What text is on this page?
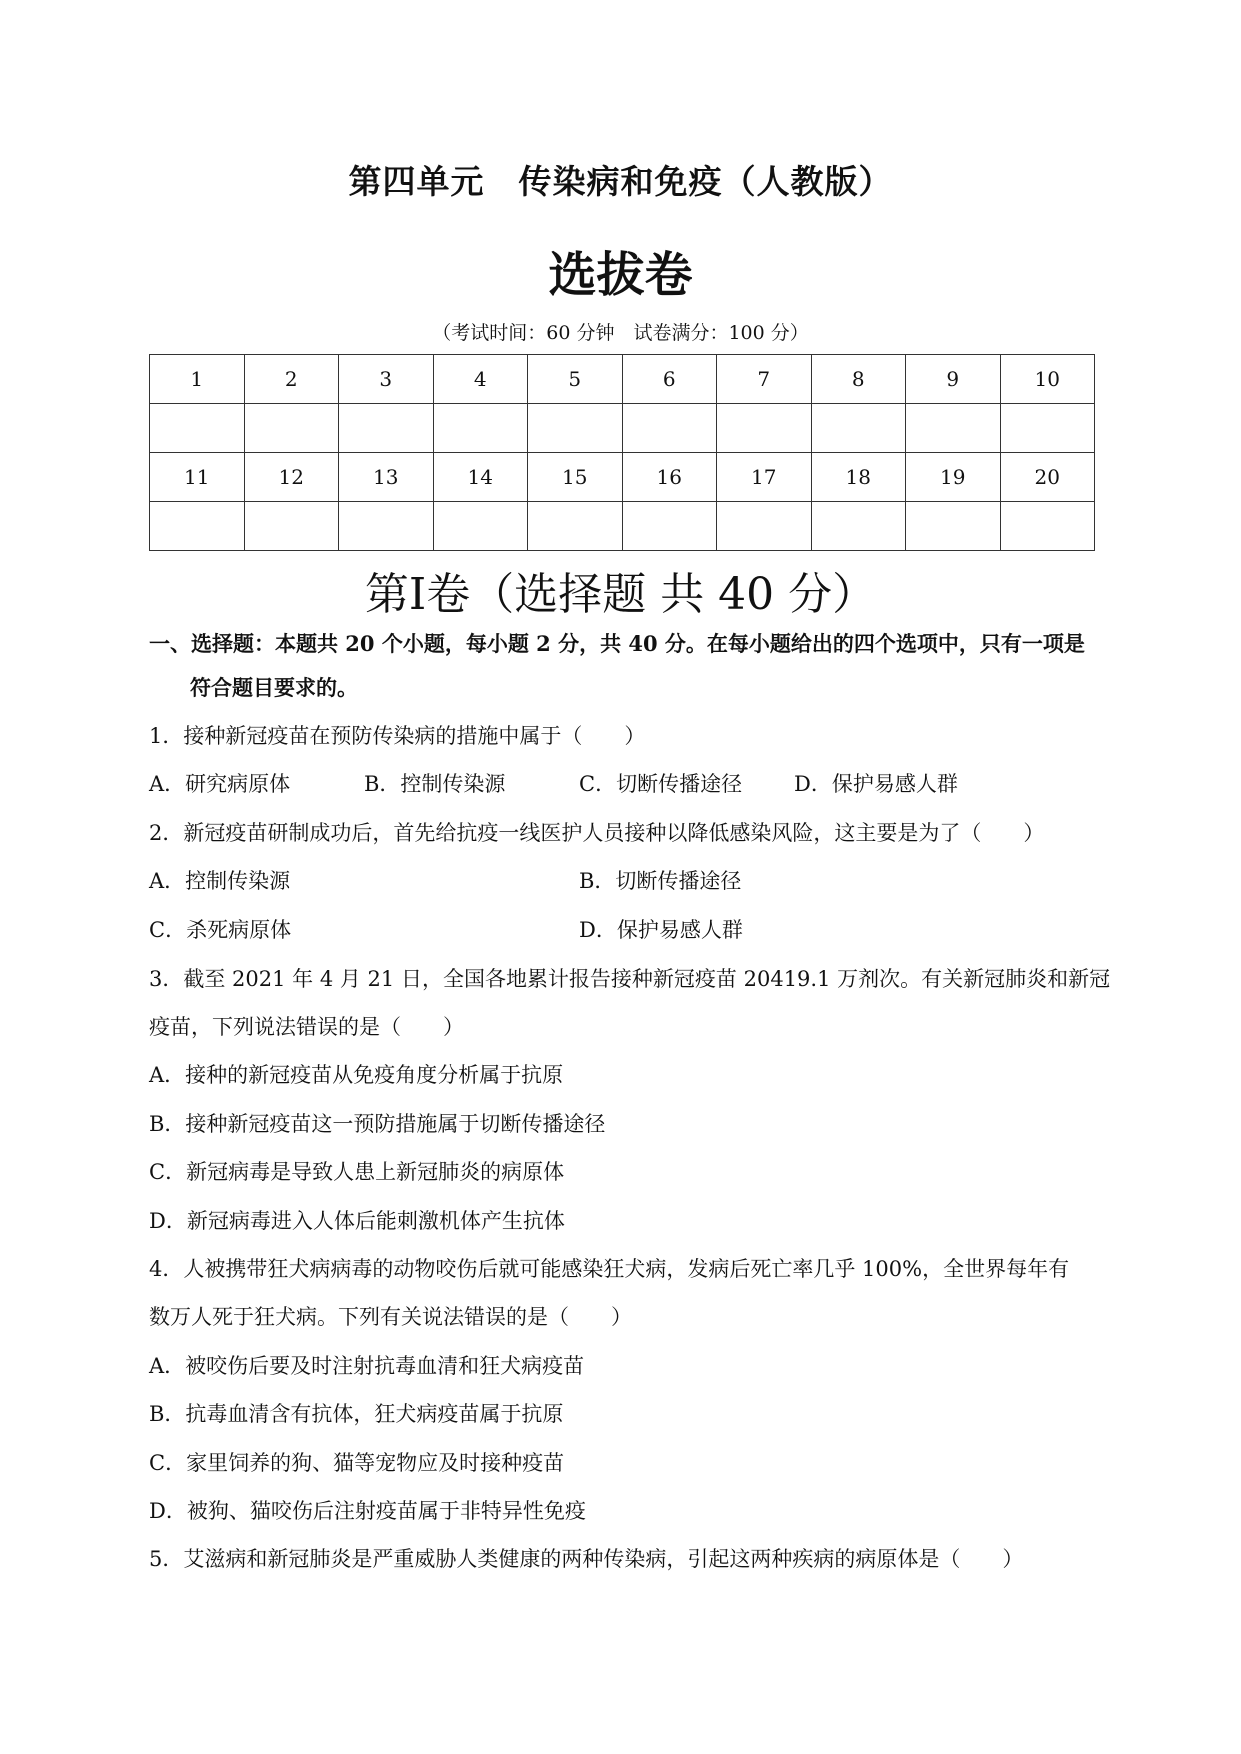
第四单元　传染病和免疫（人教版）
选拔卷
（考试时间：60 分钟　试卷满分：100 分）
1	2	3	4	5	6	7	8	9	10

11	12	13	14	15	16	17	18	19	20

第I卷（选择题 共 40 分）
一、选择题：本题共 20 个小题，每小题 2 分，共 40 分。在每小题给出的四个选项中，只有一项是
符合题目要求的。
1．接种新冠疫苗在预防传染病的措施中属于（　　）
A．研究病原体	B．控制传染源	C．切断传播途径 D．保护易感人群
2．新冠疫苗研制成功后，首先给抗疫一线医护人员接种以降低感染风险，这主要是为了（　　）
A．控制传染源	B．切断传播途径
C．杀死病原体	D．保护易感人群
3．截至 2021 年 4 月 21 日，全国各地累计报告接种新冠疫苗 20419.1 万剂次。有关新冠肺炎和新冠
疫苗，下列说法错误的是（　　）
A．接种的新冠疫苗从免疫角度分析属于抗原
B．接种新冠疫苗这一预防措施属于切断传播途径
C．新冠病毒是导致人患上新冠肺炎的病原体
D．新冠病毒进入人体后能刺激机体产生抗体
4．人被携带狂犬病病毒的动物咬伤后就可能感染狂犬病，发病后死亡率几乎 100%，全世界每年有
数万人死于狂犬病。下列有关说法错误的是（　　）
A．被咬伤后要及时注射抗毒血清和狂犬病疫苗
B．抗毒血清含有抗体，狂犬病疫苗属于抗原
C．家里饲养的狗、猫等宠物应及时接种疫苗
D．被狗、猫咬伤后注射疫苗属于非特异性免疫
5．艾滋病和新冠肺炎是严重威胁人类健康的两种传染病，引起这两种疾病的病原体是（　　）
